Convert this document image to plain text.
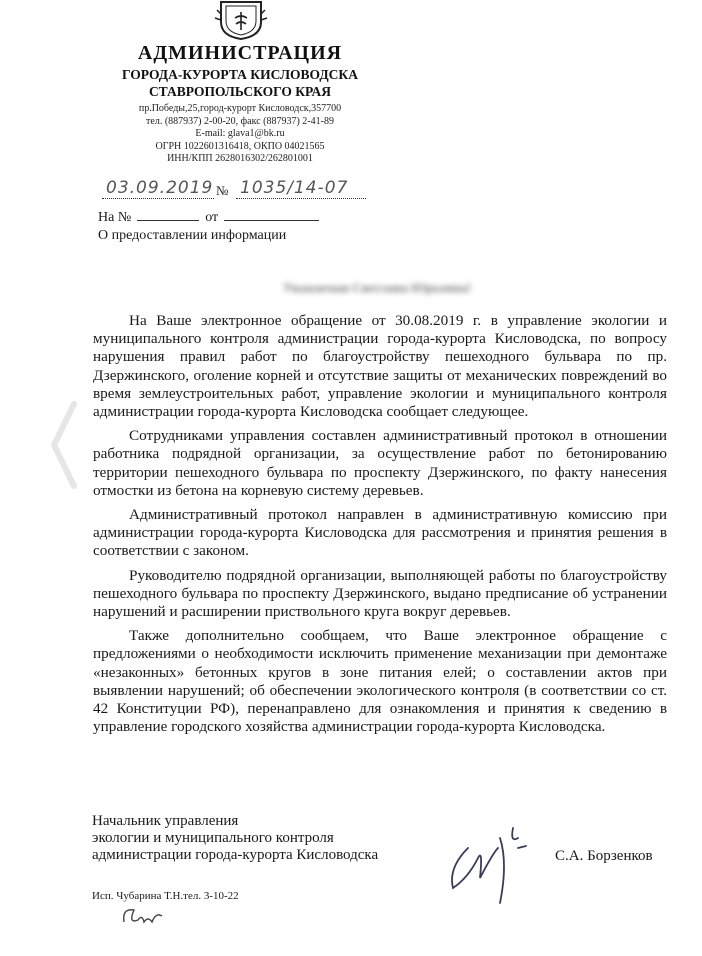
АДМИНИСТРАЦИЯ
ГОРОДА-КУРОРТА КИСЛОВОДСКА
СТАВРОПОЛЬСКОГО КРАЯ
пр.Победы,25,город-курорт Кисловодск,357700
тел. (887937) 2-00-20, факс (887937) 2-41-89
E-mail: glava1@bk.ru
ОГРН 1022601316418, ОКПО 04021565
ИНН/КПП 2628016302/262801001
03.09.2019 № 1035/14-07
На №	от
О предоставлении информации
Уважаемая Светлана Юрьевна!

На Ваше электронное обращение от 30.08.2019 г. в управление экологии и муниципального контроля администрации города-курорта Кисловодска, по вопросу нарушения правил работ по благоустройству пешеходного бульвара по пр. Дзержинского, оголение корней и отсутствие защиты от механических повреждений во время землеустроительных работ, управление экологии и муниципального контроля администрации города-курорта Кисловодска сообщает следующее.

Сотрудниками управления составлен административный протокол в отношении работника подрядной организации, за осуществление работ по бетонированию территории пешеходного бульвара по проспекту Дзержинского, по факту нанесения отмостки из бетона на корневую систему деревьев.

Административный протокол направлен в административную комиссию при администрации города-курорта Кисловодска для рассмотрения и принятия решения в соответствии с законом.

Руководителю подрядной организации, выполняющей работы по благоустройству пешеходного бульвара по проспекту Дзержинского, выдано предписание об устранении нарушений и расширении приствольного круга вокруг деревьев.

Также дополнительно сообщаем, что Ваше электронное обращение с предложениями о необходимости исключить применение механизации при демонтаже «незаконных» бетонных кругов в зоне питания елей; о составлении актов при выявлении нарушений; об обеспечении экологического контроля (в соответствии со ст. 42 Конституции РФ), перенаправлено для ознакомления и принятия к сведению в управление городского хозяйства администрации города-курорта Кисловодска.

Начальник управления
экологии и муниципального контроля
администрации города-курорта Кисловодска	С.А. Борзенков
Исп. Чубарина Т.Н.тел. 3-10-22
